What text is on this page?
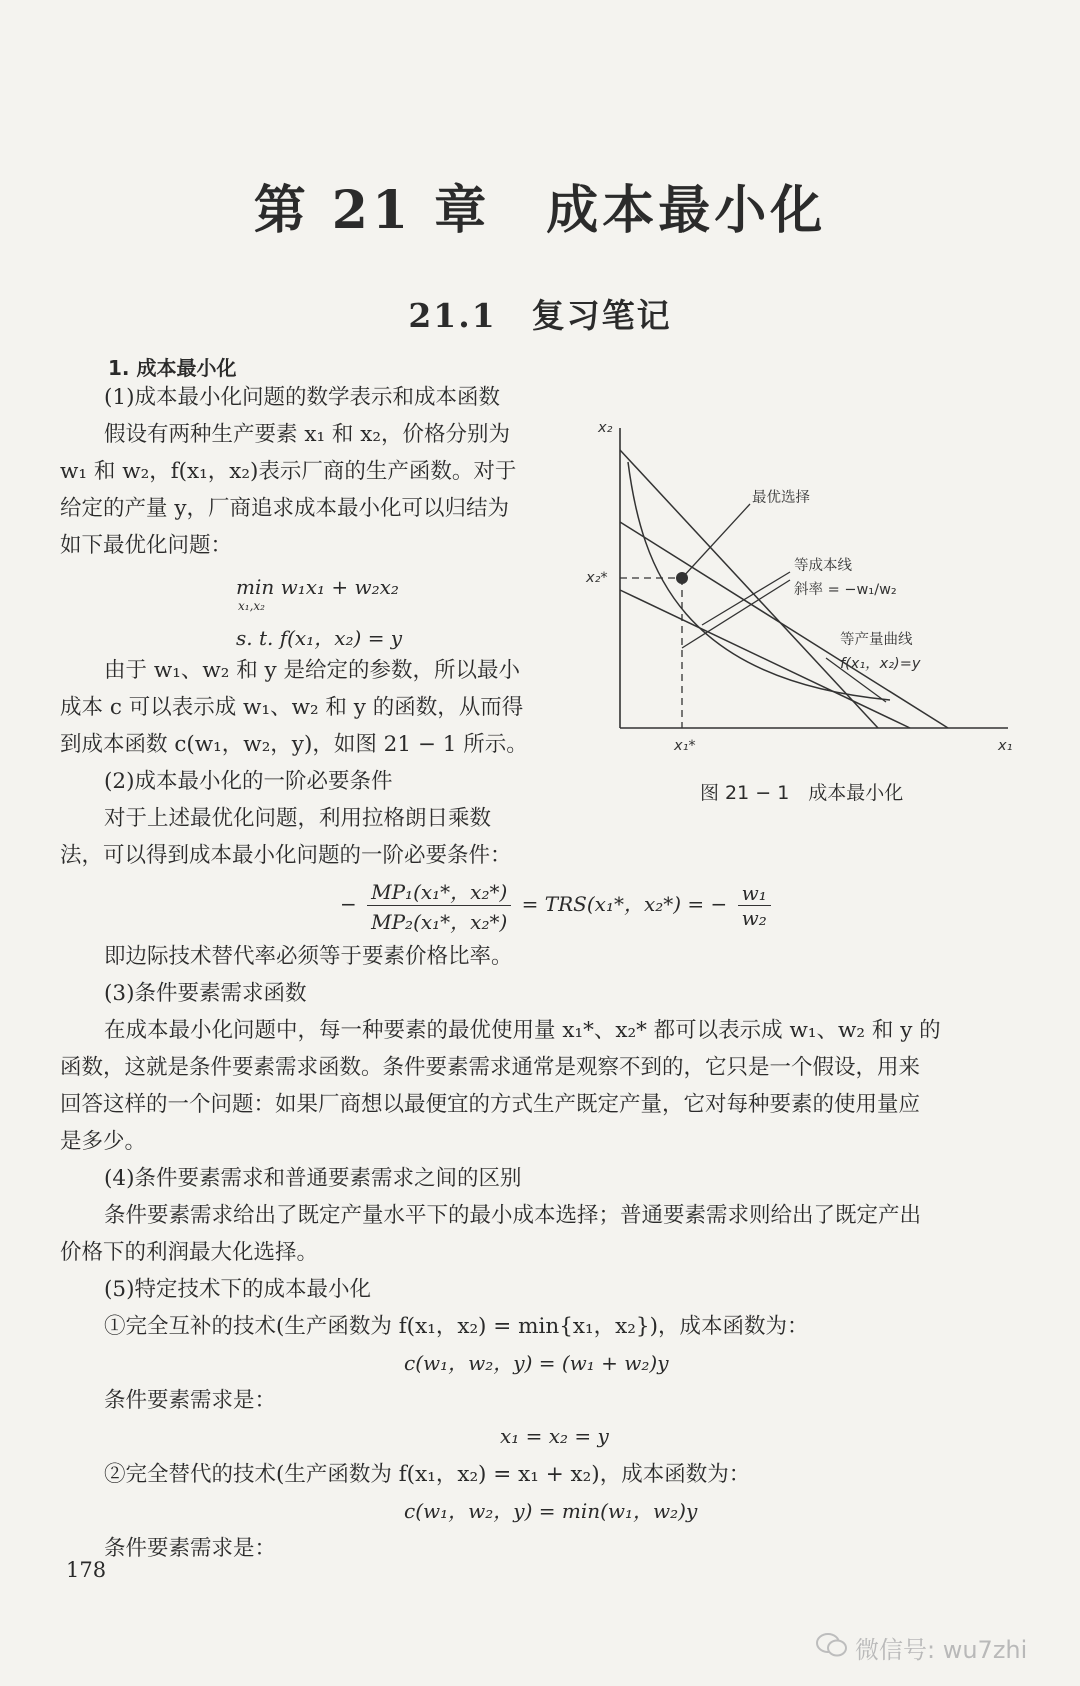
第 21 章　成本最小化
21.1　复习笔记
1. 成本最小化
(1)成本最小化问题的数学表示和成本函数
假设有两种生产要素 x₁ 和 x₂，价格分别为
w₁ 和 w₂，f(x₁，x₂)表示厂商的生产函数。对于
给定的产量 y，厂商追求成本最小化可以归结为
如下最优化问题：
min w₁x₁ + w₂x₂
x₁,x₂
s. t. f(x₁，x₂) = y
由于 w₁、w₂ 和 y 是给定的参数，所以最小
成本 c 可以表示成 w₁、w₂ 和 y 的函数，从而得
到成本函数 c(w₁，w₂，y)，如图 21 − 1 所示。
(2)成本最小化的一阶必要条件
对于上述最优化问题，利用拉格朗日乘数
法，可以得到成本最小化问题的一阶必要条件：
− $\frac{\text{MP₁(x₁*，x₂*)}}{\text{MP₂(x₁*，x₂*)}} = TRS(x_1*$，x₂*) = − $\frac{\text{w₁}}{\text{w₂}}$
即边际技术替代率必须等于要素价格比率。
(3)条件要素需求函数
在成本最小化问题中，每一种要素的最优使用量 x₁*、x₂* 都可以表示成 w₁、w₂ 和 y 的
函数，这就是条件要素需求函数。条件要素需求通常是观察不到的，它只是一个假设，用来
回答这样的一个问题：如果厂商想以最便宜的方式生产既定产量，它对每种要素的使用量应
是多少。
(4)条件要素需求和普通要素需求之间的区别
条件要素需求给出了既定产量水平下的最小成本选择；普通要素需求则给出了既定产出
价格下的利润最大化选择。
(5)特定技术下的成本最小化
①完全互补的技术(生产函数为 f(x₁，x₂) = min{x₁，x₂})，成本函数为：
c(w₁，w₂，y) = (w₁ + w₂)y
条件要素需求是：
x₁ = x₂ = y
②完全替代的技术(生产函数为 f(x₁，x₂) = x₁ + x₂)，成本函数为：
c(w₁，w₂，y) = min(w₁，w₂)y
条件要素需求是：
178
微信号: wu7zhi
x₂
x₁
x₂*
x₁*
最优选择
等成本线
斜率 = −w₁/w₂
等产量曲线
f(x₁，x₂)=y
图 21 − 1　成本最小化
